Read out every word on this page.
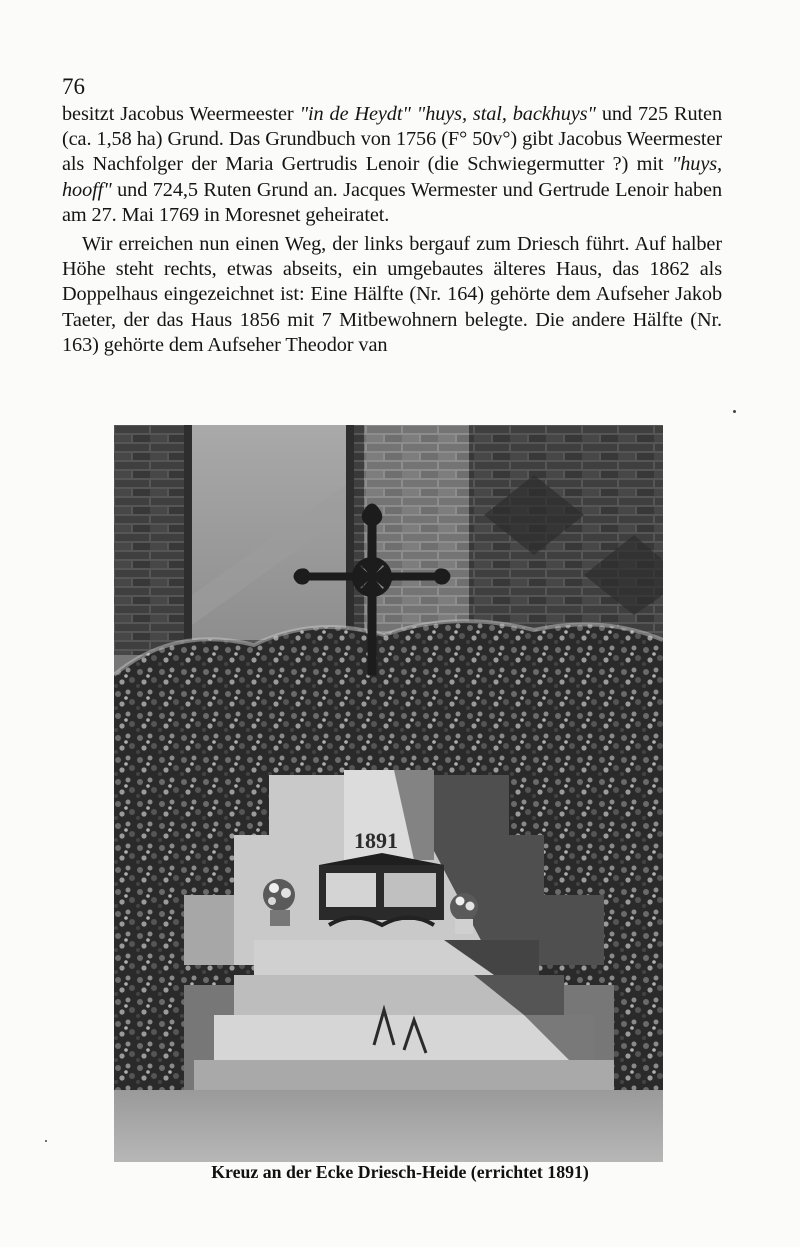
76

besitzt Jacobus Weermeester "in de Heydt" "huys, stal, backhuys" und 725 Ruten (ca. 1,58 ha) Grund. Das Grundbuch von 1756 (F° 50v°) gibt Jacobus Weermester als Nachfolger der Maria Gertrudis Lenoir (die Schwiegermutter ?) mit "huys, hooff" und 724,5 Ruten Grund an. Jacques Wermester und Gertrude Lenoir haben am 27. Mai 1769 in Moresnet geheiratet.

Wir erreichen nun einen Weg, der links bergauf zum Driesch führt. Auf halber Höhe steht rechts, etwas abseits, ein umgebautes älteres Haus, das 1862 als Doppelhaus eingezeichnet ist: Eine Hälfte (Nr. 164) gehörte dem Aufseher Jakob Taeter, der das Haus 1856 mit 7 Mitbewohnern belegte. Die andere Hälfte (Nr. 163) gehörte dem Aufseher Theodor van

1891
Kreuz an der Ecke Driesch-Heide (errichtet 1891)
